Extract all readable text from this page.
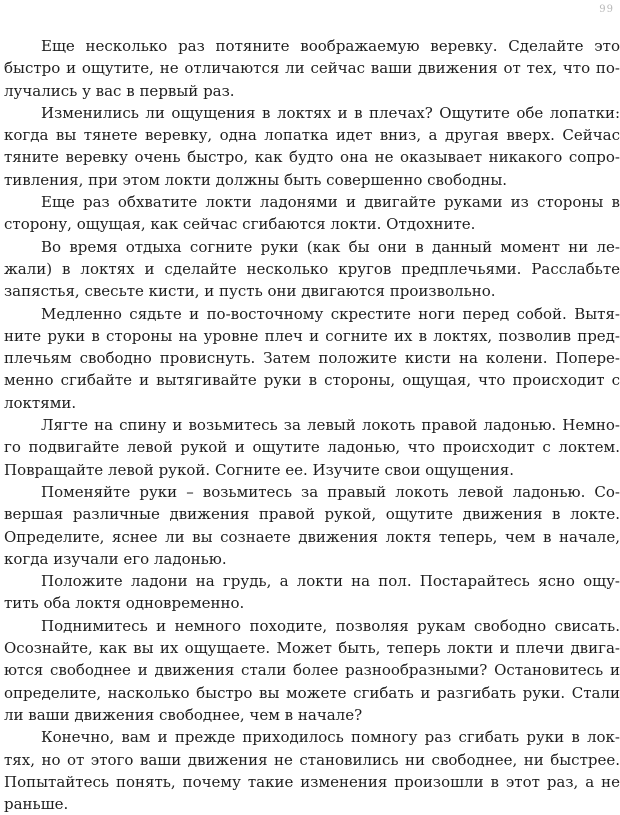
99
Еще несколько раз потяните воображаемую веревку. Сделайте это
быстро и ощутите, не отличаются ли сейчас ваши движения от тех, что по-
лучались у вас в первый раз.
Изменились ли ощущения в локтях и в плечах? Ощутите обе лопатки:
когда вы тянете веревку, одна лопатка идет вниз, а другая вверх. Сейчас
тяните веревку очень быстро, как будто она не оказывает никакого сопро-
тивления, при этом локти должны быть совершенно свободны.
Еще раз обхватите локти ладонями и двигайте руками из стороны в
сторону, ощущая, как сейчас сгибаются локти. Отдохните.
Во время отдыха согните руки (как бы они в данный момент ни ле-
жали) в локтях и сделайте несколько кругов предплечьями. Расслабьте
запястья, свесьте кисти, и пусть они двигаются произвольно.
Медленно сядьте и по-восточному скрестите ноги перед собой. Вытя-
ните руки в стороны на уровне плеч и согните их в локтях, позволив пред-
плечьям свободно провиснуть. Затем положите кисти на колени. Попере-
менно сгибайте и вытягивайте руки в стороны, ощущая, что происходит с
локтями.
Лягте на спину и возьмитесь за левый локоть правой ладонью. Немно-
го подвигайте левой рукой и ощутите ладонью, что происходит с локтем.
Повращайте левой рукой. Согните ее. Изучите свои ощущения.
Поменяйте руки – возьмитесь за правый локоть левой ладонью. Со-
вершая различные движения правой рукой, ощутите движения в локте.
Определите, яснее ли вы сознаете движения локтя теперь, чем в начале,
когда изучали его ладонью.
Положите ладони на грудь, а локти на пол. Постарайтесь ясно ощу-
тить оба локтя одновременно.
Поднимитесь и немного походите, позволяя рукам свободно свисать.
Осознайте, как вы их ощущаете. Может быть, теперь локти и плечи двига-
ются свободнее и движения стали более разнообразными? Остановитесь и
определите, насколько быстро вы можете сгибать и разгибать руки. Стали
ли ваши движения свободнее, чем в начале?
Конечно, вам и прежде приходилось помногу раз сгибать руки в лок-
тях, но от этого ваши движения не становились ни свободнее, ни быстрее.
Попытайтесь понять, почему такие изменения произошли в этот раз, а не
раньше.
